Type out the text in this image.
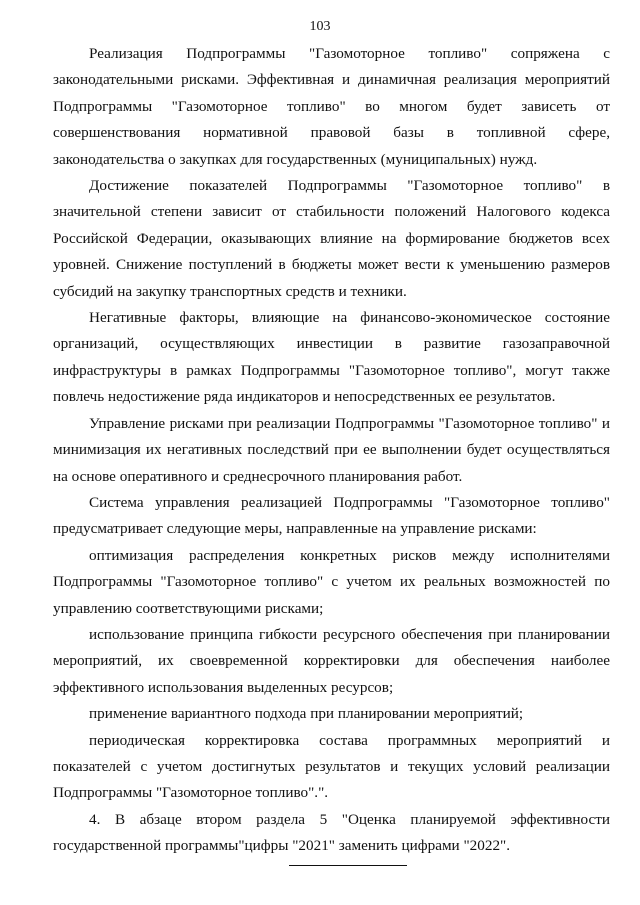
103

Реализация Подпрограммы "Газомоторное топливо" сопряжена с законодательными рисками. Эффективная и динамичная реализация мероприятий Подпрограммы "Газомоторное топливо" во многом будет зависеть от совершенствования нормативной правовой базы в топливной сфере, законодательства о закупках для государственных (муниципальных) нужд.

Достижение показателей Подпрограммы "Газомоторное топливо" в значительной степени зависит от стабильности положений Налогового кодекса Российской Федерации, оказывающих влияние на формирование бюджетов всех уровней. Снижение поступлений в бюджеты может вести к уменьшению размеров субсидий на закупку транспортных средств и техники.

Негативные факторы, влияющие на финансово-экономическое состояние организаций, осуществляющих инвестиции в развитие газозаправочной инфраструктуры в рамках Подпрограммы "Газомоторное топливо", могут также повлечь недостижение ряда индикаторов и непосредственных ее результатов.

Управление рисками при реализации Подпрограммы "Газомоторное топливо" и минимизация их негативных последствий при ее выполнении будет осуществляться на основе оперативного и среднесрочного планирования работ.

Система управления реализацией Подпрограммы "Газомоторное топливо" предусматривает следующие меры, направленные на управление рисками:

оптимизация распределения конкретных рисков между исполнителями Подпрограммы "Газомоторное топливо" с учетом их реальных возможностей по управлению соответствующими рисками;

использование принципа гибкости ресурсного обеспечения при планировании мероприятий, их своевременной корректировки для обеспечения наиболее эффективного использования выделенных ресурсов;

применение вариантного подхода при планировании мероприятий;

периодическая корректировка состава программных мероприятий и показателей с учетом достигнутых результатов и текущих условий реализации Подпрограммы "Газомоторное топливо".".

4. В абзаце втором раздела 5 "Оценка планируемой эффективности государственной программы"цифры "2021" заменить цифрами "2022".
